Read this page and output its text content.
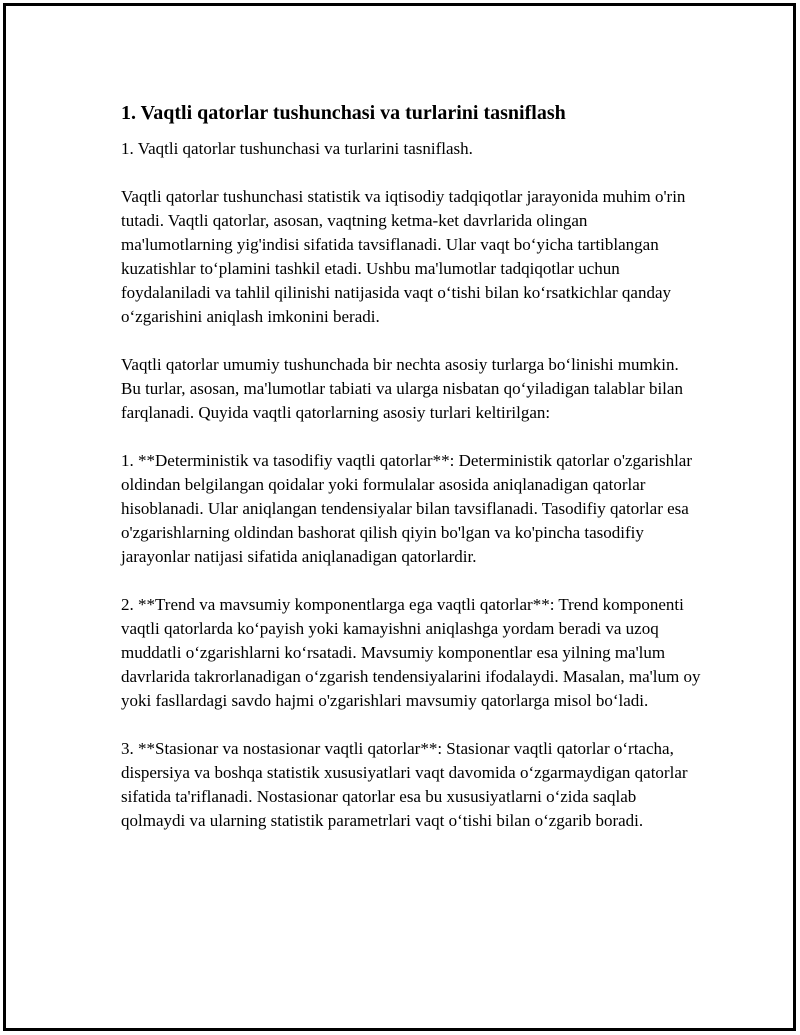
1. Vaqtli qatorlar tushunchasi va turlarini tasniflash

1. Vaqtli qatorlar tushunchasi va turlarini tasniflash.

Vaqtli qatorlar tushunchasi statistik va iqtisodiy tadqiqotlar jarayonida muhim o'rin tutadi. Vaqtli qatorlar, asosan, vaqtning ketma-ket davrlarida olingan ma'lumotlarning yig'indisi sifatida tavsiflanadi. Ular vaqt bo‘yicha tartiblangan kuzatishlar to‘plamini tashkil etadi. Ushbu ma'lumotlar tadqiqotlar uchun foydalaniladi va tahlil qilinishi natijasida vaqt o‘tishi bilan ko‘rsatkichlar qanday o‘zgarishini aniqlash imkonini beradi.

Vaqtli qatorlar umumiy tushunchada bir nechta asosiy turlarga bo‘linishi mumkin. Bu turlar, asosan, ma'lumotlar tabiati va ularga nisbatan qo‘yiladigan talablar bilan farqlanadi. Quyida vaqtli qatorlarning asosiy turlari keltirilgan:

1. **Deterministik va tasodifiy vaqtli qatorlar**: Deterministik qatorlar o'zgarishlar oldindan belgilangan qoidalar yoki formulalar asosida aniqlanadigan qatorlar hisoblanadi. Ular aniqlangan tendensiyalar bilan tavsiflanadi. Tasodifiy qatorlar esa o'zgarishlarning oldindan bashorat qilish qiyin bo'lgan va ko'pincha tasodifiy jarayonlar natijasi sifatida aniqlanadigan qatorlardir.

2. **Trend va mavsumiy komponentlarga ega vaqtli qatorlar**: Trend komponenti vaqtli qatorlarda ko‘payish yoki kamayishni aniqlashga yordam beradi va uzoq muddatli o‘zgarishlarni ko‘rsatadi. Mavsumiy komponentlar esa yilning ma'lum davrlarida takrorlanadigan o‘zgarish tendensiyalarini ifodalaydi. Masalan, ma'lum oy yoki fasllardagi savdo hajmi o'zgarishlari mavsumiy qatorlarga misol bo‘ladi.

3. **Stasionar va nostasionar vaqtli qatorlar**: Stasionar vaqtli qatorlar o‘rtacha, dispersiya va boshqa statistik xususiyatlari vaqt davomida o‘zgarmaydigan qatorlar sifatida ta'riflanadi. Nostasionar qatorlar esa bu xususiyatlarni o‘zida saqlab qolmaydi va ularning statistik parametrlari vaqt o‘tishi bilan o‘zgarib boradi.
